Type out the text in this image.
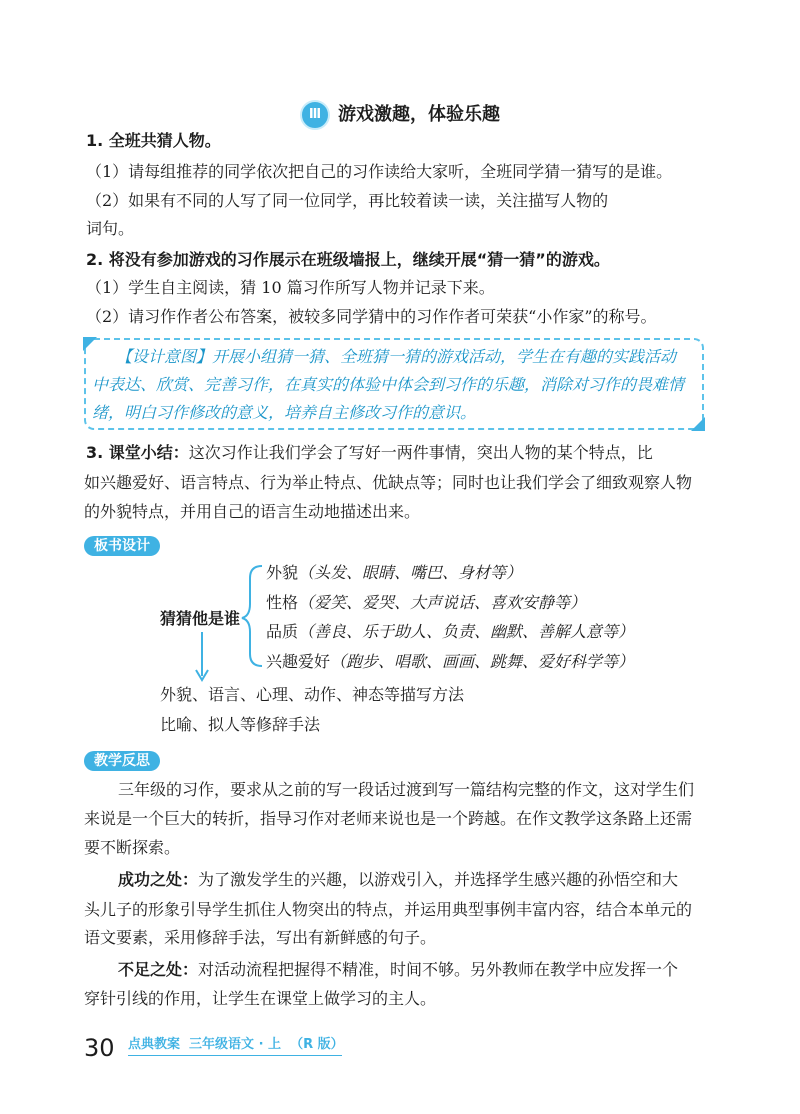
Ⅲ 游戏激趣，体验乐趣

1. 全班共猜人物。

（1）请每组推荐的同学依次把自己的习作读给大家听，全班同学猜一猜写的是谁。

（2）如果有不同的人写了同一位同学，再比较着读一读，关注描写人物的

词句。

2. 将没有参加游戏的习作展示在班级墙报上，继续开展“猜一猜”的游戏。

（1）学生自主阅读，猜 10 篇习作所写人物并记录下来。

（2）请习作作者公布答案，被较多同学猜中的习作作者可荣获“小作家”的称号。

【设计意图】开展小组猜一猜、全班猜一猜的游戏活动，学生在有趣的实践活动
中表达、欣赏、完善习作，在真实的体验中体会到习作的乐趣，消除对习作的畏难情
绪，明白习作修改的意义，培养自主修改习作的意识。

3. 课堂小结：这次习作让我们学会了写好一两件事情，突出人物的某个特点，比

如兴趣爱好、语言特点、行为举止特点、优缺点等；同时也让我们学会了细致观察人物

的外貌特点，并用自己的语言生动地描述出来。

板书设计
猜猜他是谁
外貌（头发、眼睛、嘴巴、身材等）
性格（爱笑、爱哭、大声说话、喜欢安静等）
品质（善良、乐于助人、负责、幽默、善解人意等）
兴趣爱好（跑步、唱歌、画画、跳舞、爱好科学等）
外貌、语言、心理、动作、神态等描写方法
比喻、拟人等修辞手法
教学反思

三年级的习作，要求从之前的写一段话过渡到写一篇结构完整的作文，这对学生们

来说是一个巨大的转折，指导习作对老师来说也是一个跨越。在作文教学这条路上还需

要不断探索。

成功之处：为了激发学生的兴趣，以游戏引入，并选择学生感兴趣的孙悟空和大

头儿子的形象引导学生抓住人物突出的特点，并运用典型事例丰富内容，结合本单元的

语文要素，采用修辞手法，写出有新鲜感的句子。

不足之处：对活动流程把握得不精准，时间不够。另外教师在教学中应发挥一个

穿针引线的作用，让学生在课堂上做学习的主人。

30 点典教案  三年级语文 · 上  （R 版）
